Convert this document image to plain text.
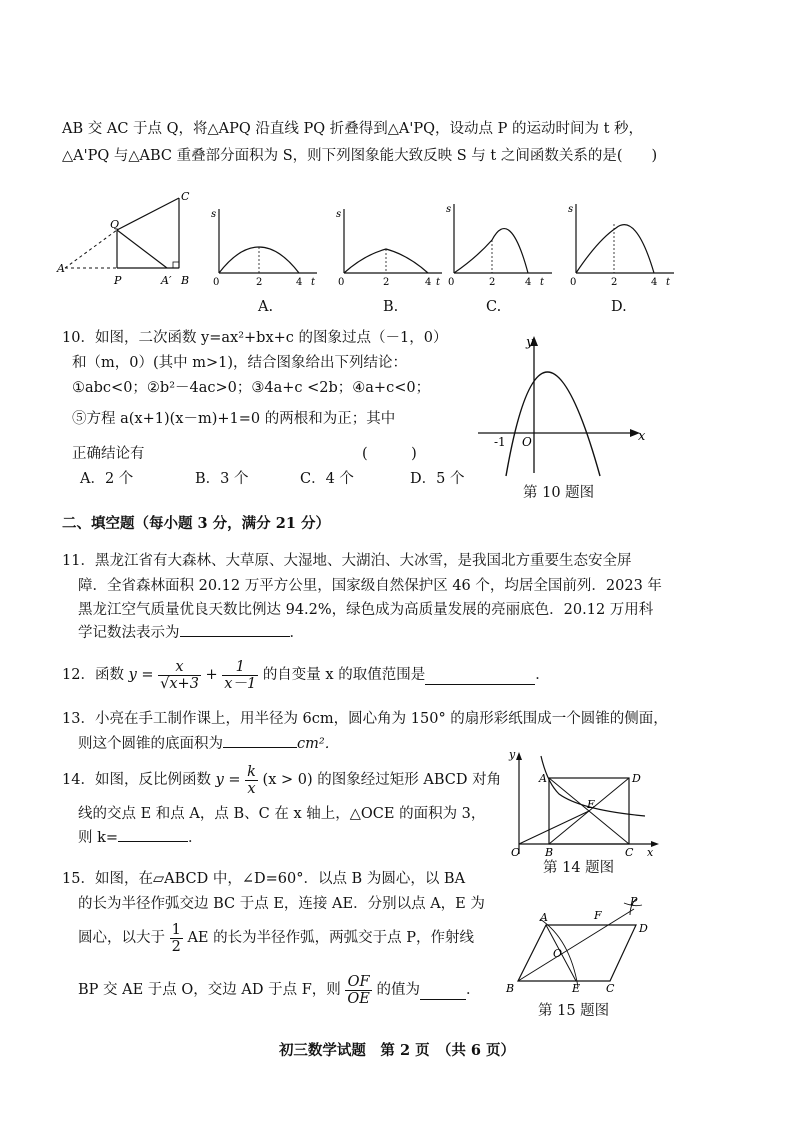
AB 交 AC 于点 Q，将△APQ 沿直线 PQ 折叠得到△A'PQ，设动点 P 的运动时间为 t 秒，
△A'PQ 与△ABC 重叠部分面积为 S，则下列图象能大致反映 S 与 t 之间函数关系的是(　　)
A
P
Q
C
A′ B
s
0	2	4 t
s
0	2	4 t
s
0	2	4 t
s
0	2	4 t
A.	B.	C.	D.
10．如图，二次函数 y=ax²+bx+c 的图象过点（－1，0）
和（m，0）(其中 m>1)，结合图象给出下列结论：
①abc<0；②b²－4ac>0；③4a+c <2b；④a+c<0；
⑤方程 a(x+1)(x－m)+1=0 的两根和为正；其中
正确结论有	(　　　)
A．2 个	B．3 个	C．4 个	D．5 个
y
x
O
-1
第 10 题图
二、填空题（每小题 3 分，满分 21 分）
11．黑龙江省有大森林、大草原、大湿地、大湖泊、大冰雪，是我国北方重要生态安全屏
障．全省森林面积 20.12 万平方公里，国家级自然保护区 46 个，均居全国前列．2023 年
黑龙江空气质量优良天数比例达 94.2%，绿色成为高质量发展的亮丽底色．20.12 万用科
学记数法表示为	．
12．函数 $y = \frac{x}{√x+3} + \frac{1}{x-1}$ 的自变量 x 的取值范围是	．
13．小亮在手工制作课上，用半径为 6cm，圆心角为 150° 的扇形彩纸围成一个圆锥的侧面，
则这个圆锥的底面积为	cm²．
14．如图，反比例函数 $y = \frac{k}{x} (x > 0)$ 的图象经过矩形 ABCD 对角
线的交点 E 和点 A，点 B、C 在 x 轴上，△OCE 的面积为 3，
则 k=	．
y
A	D
E
O B	C x
第 14 题图
15．如图，在▱ABCD 中，∠D=60°．以点 B 为圆心，以 BA
的长为半径作弧交边 BC 于点 E，连接 AE．分别以点 A，E 为
圆心，以大于 $\frac{1}{2}$ AE 的长为半径作弧，两弧交于点 P，作射线
BP 交 AE 于点 O，交边 AD 于点 F，则 $\frac{OF}{OE}$ 的值为	．
A	F
P
D
O
B	E C
第 15 题图
初三数学试题　第 2 页　（共 6 页）
